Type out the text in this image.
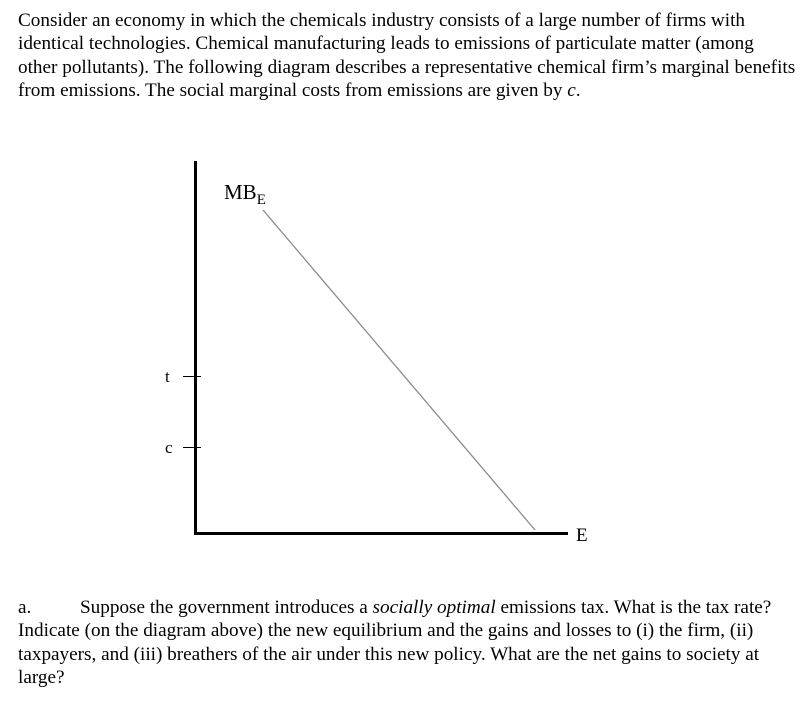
Consider an economy in which the chemicals industry consists of a large number of firms with identical technologies. Chemical manufacturing leads to emissions of particulate matter (among other pollutants). The following diagram describes a representative chemical firm’s marginal benefits from emissions. The social marginal costs from emissions are given by c.

$MB_E$
t
c
E

a.	Suppose the government introduces a socially optimal emissions tax. What is the tax rate? Indicate (on the diagram above) the new equilibrium and the gains and losses to (i) the firm, (ii) taxpayers, and (iii) breathers of the air under this new policy. What are the net gains to society at large?
